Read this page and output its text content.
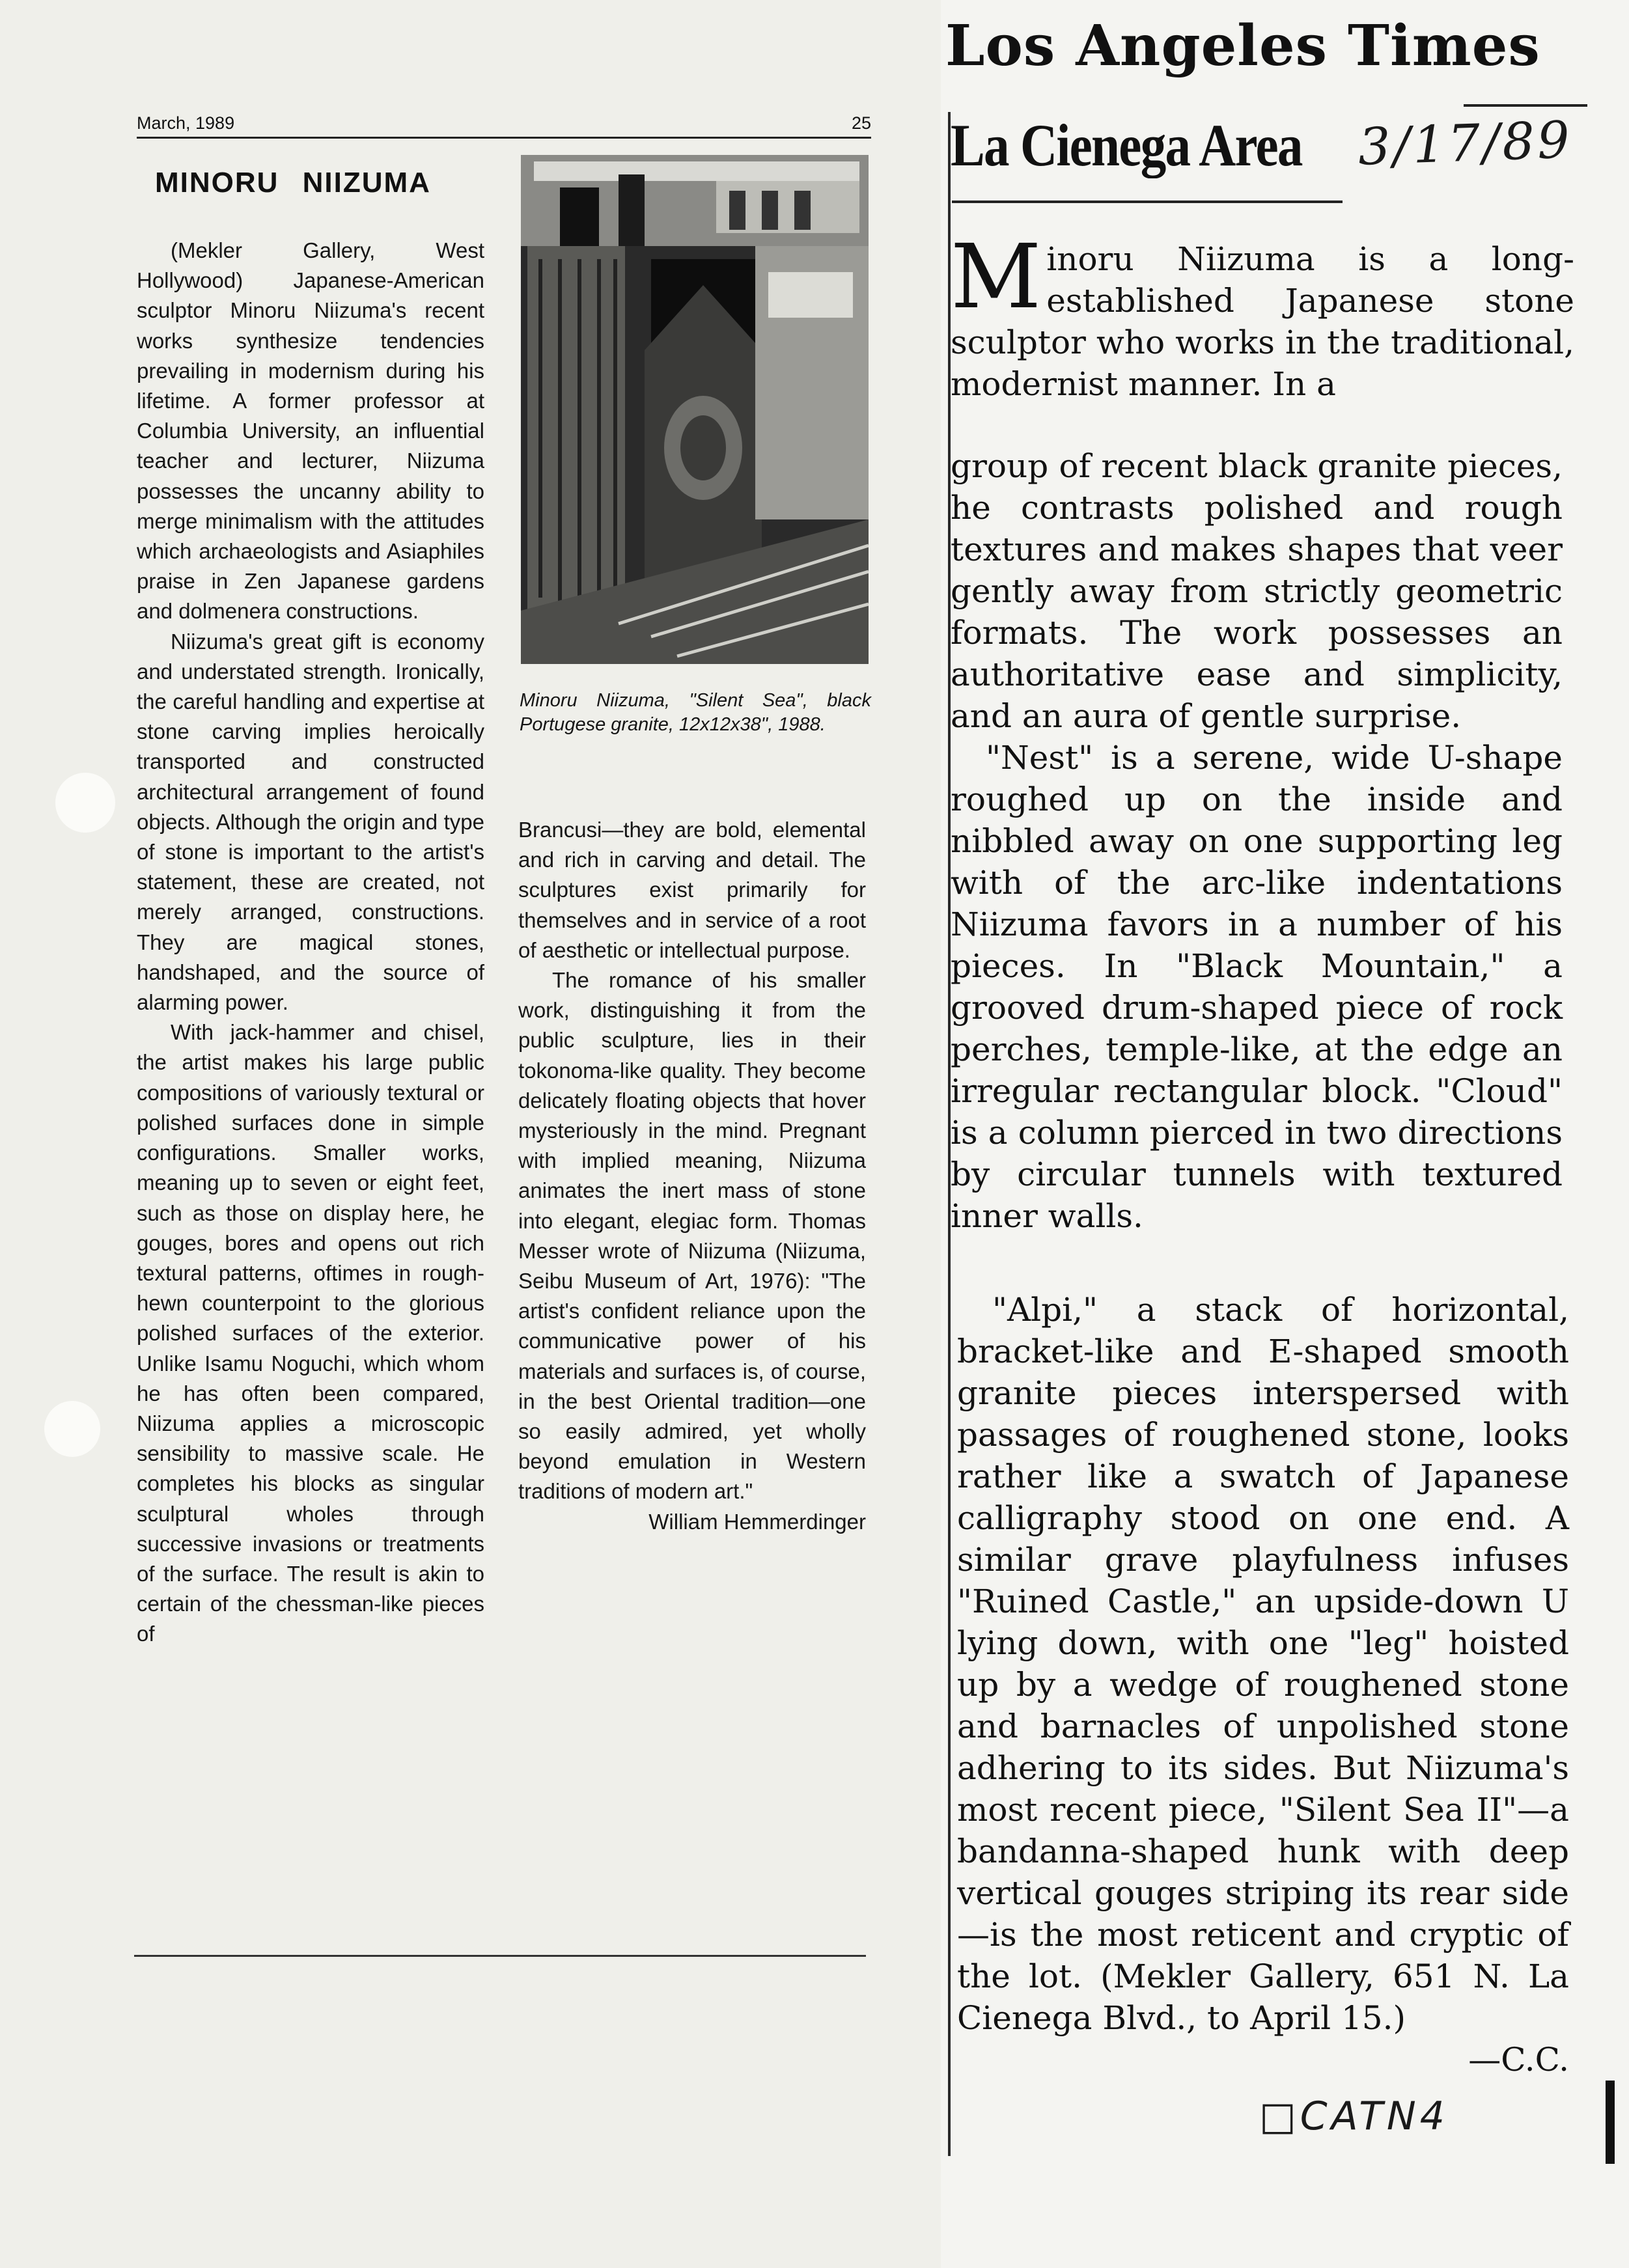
March, 1989	25
MINORU NIIZUMA

(Mekler Gallery, West Hollywood) Japanese-American sculptor Minoru Niizuma's recent works synthesize tendencies prevailing in modernism during his lifetime. A former professor at Columbia University, an influential teacher and lecturer, Niizuma possesses the uncanny ability to merge minimalism with the attitudes which archaeologists and Asiaphiles praise in Zen Japanese gardens and dolmenera constructions.

Niizuma's great gift is economy and understated strength. Ironically, the careful handling and expertise at stone carving implies heroically transported and constructed architectural arrangement of found objects. Although the origin and type of stone is important to the artist's statement, these are created, not merely arranged, constructions. They are magical stones, handshaped, and the source of alarming power.

With jack-hammer and chisel, the artist makes his large public compositions of variously textural or polished surfaces done in simple configurations. Smaller works, meaning up to seven or eight feet, such as those on display here, he gouges, bores and opens out rich textural patterns, oftimes in rough-hewn counterpoint to the glorious polished surfaces of the exterior. Unlike Isamu Noguchi, which whom he has often been compared, Niizuma applies a microscopic sensibility to massive scale. He completes his blocks as singular sculptural wholes through successive invasions or treatments of the surface. The result is akin to certain of the chessman-like pieces of

Minoru Niizuma, "Silent Sea", black Portugese granite, 12x12x38", 1988.

Brancusi—they are bold, elemental and rich in carving and detail. The sculptures exist primarily for themselves and in service of a root of aesthetic or intellectual purpose.

The romance of his smaller work, distinguishing it from the public sculpture, lies in their tokonoma-like quality. They become delicately floating objects that hover mysteriously in the mind. Pregnant with implied meaning, Niizuma animates the inert mass of stone into elegant, elegiac form. Thomas Messer wrote of Niizuma (Niizuma, Seibu Museum of Art, 1976): "The artist's confident reliance upon the communicative power of his materials and surfaces is, of course, in the best Oriental tradition—one so easily admired, yet wholly beyond emulation in Western traditions of modern art."

William Hemmerdinger

Los Angeles Times
La Cienega Area 3/17/89

Minoru Niizuma is a long-established Japanese stone sculptor who works in the traditional, modernist manner. In a

group of recent black granite pieces, he contrasts polished and rough textures and makes shapes that veer gently away from strictly geometric formats. The work possesses an authoritative ease and simplicity, and an aura of gentle surprise.

"Nest" is a serene, wide U-shape roughed up on the inside and nibbled away on one supporting leg with of the arc-like indentations Niizuma favors in a number of his pieces. In "Black Mountain," a grooved drum-shaped piece of rock perches, temple-like, at the edge an irregular rectangular block. "Cloud" is a column pierced in two directions by circular tunnels with textured inner walls.

"Alpi," a stack of horizontal, bracket-like and E-shaped smooth granite pieces interspersed with passages of roughened stone, looks rather like a swatch of Japanese calligraphy stood on one end. A similar grave playfulness infuses "Ruined Castle," an upside-down U lying down, with one "leg" hoisted up by a wedge of roughened stone and barnacles of unpolished stone adhering to its sides. But Niizuma's most recent piece, "Silent Sea II"—a bandanna-shaped hunk with deep vertical gouges striping its rear side—is the most reticent and cryptic of the lot. (Mekler Gallery, 651 N. La Cienega Blvd., to April 15.)

—C.C.

□CATN4
